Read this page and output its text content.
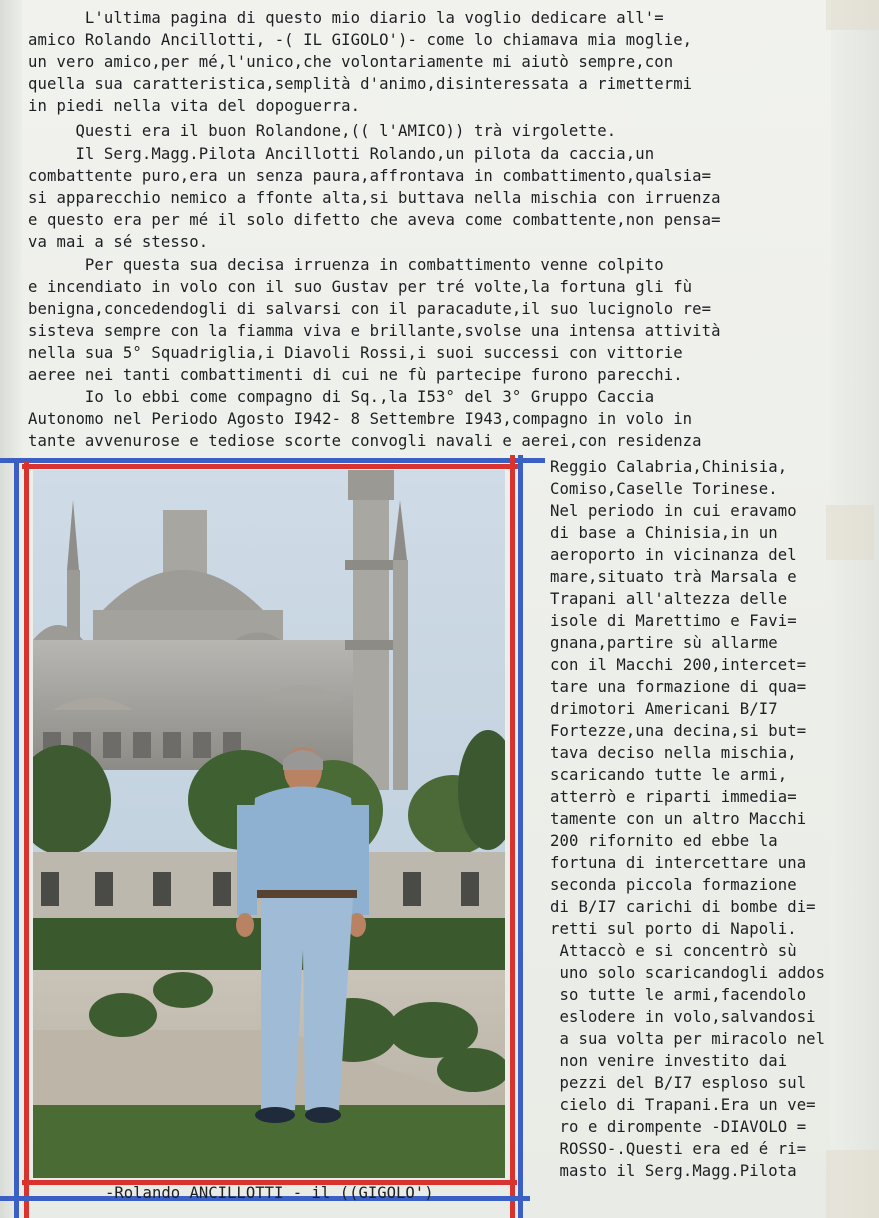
L'ultima pagina di questo mio diario la voglio dedicare all'=
amico Rolando Ancillotti, -( IL GIGOLO')- come lo chiamava mia moglie,
un vero amico,per mé,l'unico,che volontariamente mi aiutò sempre,con
quella sua caratteristica,semplità d'animo,disinteressata a rimettermi
in piedi nella vita del dopoguerra.
Questi era il buon Rolandone,(( l'AMICO)) trà virgolette.
Il Serg.Magg.Pilota Ancillotti Rolando,un pilota da caccia,un
combattente puro,era un senza paura,affrontava in combattimento,qualsia=
si apparecchio nemico a ffonte alta,si buttava nella mischia con irruenza
e questo era per mé il solo difetto che aveva come combattente,non pensa=
va mai a sé stesso.
Per questa sua decisa irruenza in combattimento venne colpito
e incendiato in volo con il suo Gustav per tré volte,la fortuna gli fù
benigna,concedendogli di salvarsi con il paracadute,il suo lucignolo re=
sisteva sempre con la fiamma viva e brillante,svolse una intensa attività
nella sua 5° Squadriglia,i Diavoli Rossi,i suoi successi con vittorie
aeree nei tanti combattimenti di cui ne fù partecipe furono parecchi.
Io lo ebbi come compagno di Sq.,la I53° del 3° Gruppo Caccia
Autonomo nel Periodo Agosto I942- 8 Settembre I943,compagno in volo in
tante avvenurose e tediose scorte convogli navali e aerei,con residenza
Reggio Calabria,Chinisia,
Comiso,Caselle Torinese.
Nel periodo in cui eravamo
di base a Chinisia,in un
aeroporto in vicinanza del
mare,situato trà Marsala e
Trapani all'altezza delle
isole di Marettimo e Favi=
gnana,partire sù allarme
con il Macchi 200,intercet=
tare una formazione di qua=
drimotori Americani B/I7
Fortezze,una decina,si but=
tava deciso nella mischia,
scaricando tutte le armi,
atterrò e riparti immedia=
tamente con un altro Macchi
200 rifornito ed ebbe la
fortuna di intercettare una
seconda piccola formazione
di B/I7 carichi di bombe di=
retti sul porto di Napoli.
Attaccò e si concentrò sù
uno solo scaricandogli addos
so tutte le armi,facendolo
eslodere in volo,salvandosi
a sua volta per miracolo nel
non venire investito dai
pezzi del B/I7 esploso sul
cielo di Trapani.Era un ve=
ro e dirompente -DIAVOLO =
ROSSO-.Questi era ed é ri=
masto il Serg.Magg.Pilota
-Rolando ANCILLOTTI - il ((GIGOLO')
